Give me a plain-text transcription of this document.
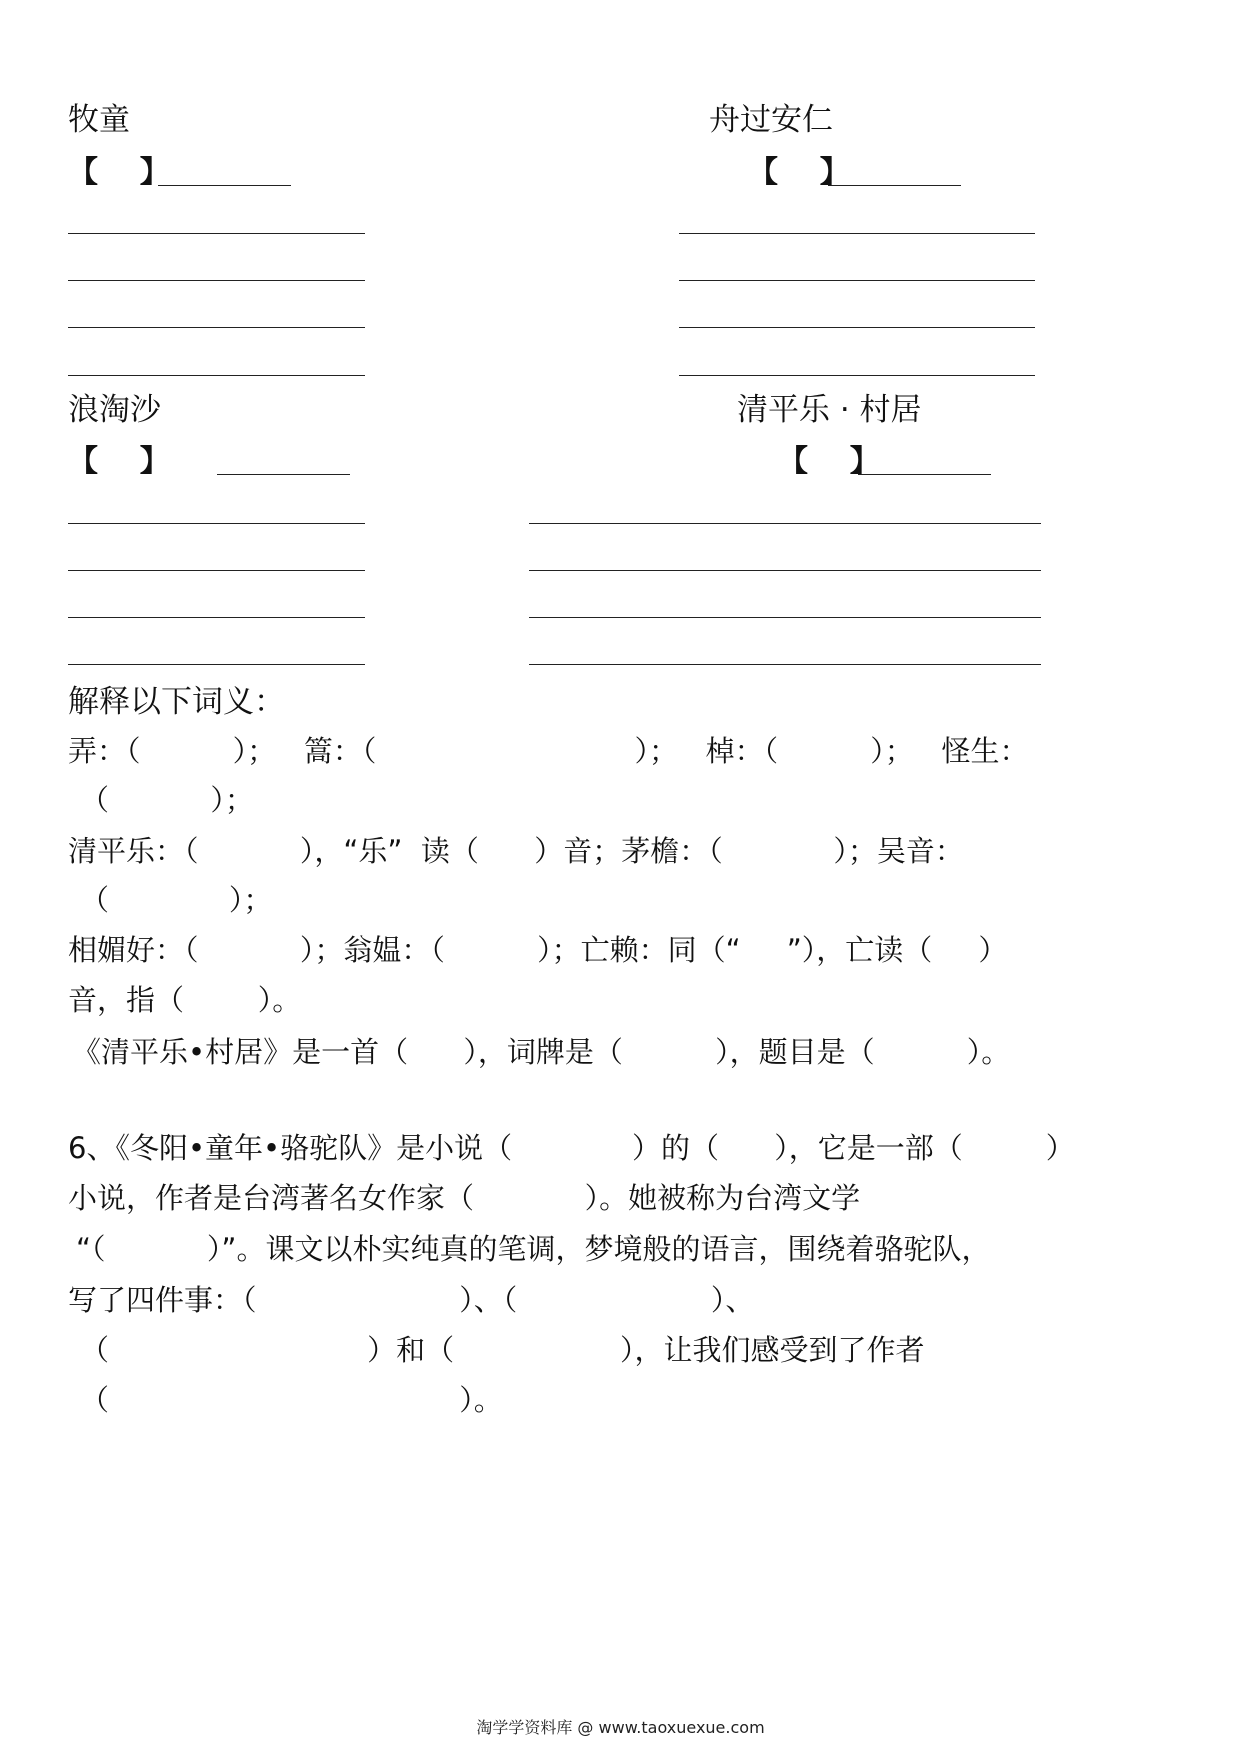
牧童
【    】
舟过安仁
【    】
浪淘沙
【    】
清平乐 · 村居
【    】
解释以下词义：
弄：（          ）；   篙：（                            ）；   棹：（          ）；   怪生：
（           ）；
清平乐：（           ），“乐”  读（      ）音；茅檐：（            ）；吴音：
（             ）；
相媚好：（           ）；翁媪：（          ）；亡赖：同（“     ”），亡读（     ）
音，指（        ）。
《清平乐•村居》是一首（      ），词牌是（          ），题目是（          ）。
6、《冬阳•童年•骆驼队》是小说（             ）的（      ），它是一部（         ）
小说，作者是台湾著名女作家（            ）。她被称为台湾文学
“（           ）”。课文以朴实纯真的笔调，梦境般的语言，围绕着骆驼队，
写了四件事：（                      ）、（                     ）、
（                            ）和（                  ），让我们感受到了作者
（                                      ）。
淘学学资料库 @ www.taoxuexue.com
